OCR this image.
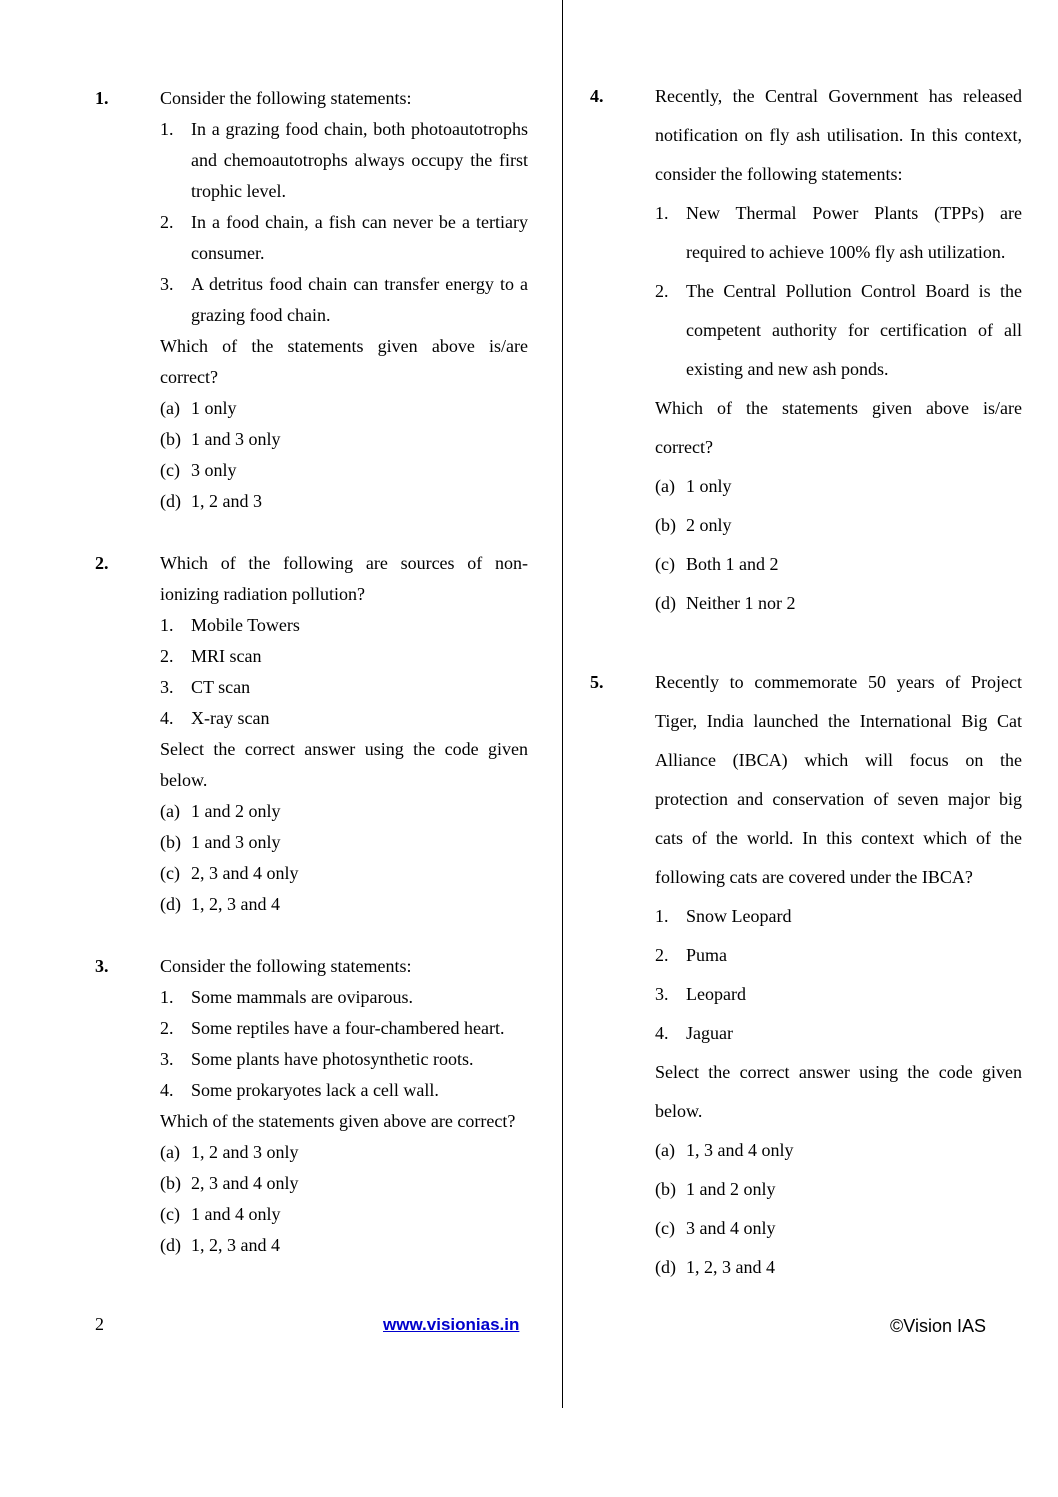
1.	Consider the following statements:
1. In a grazing food chain, both photoautotrophs and chemoautotrophs always occupy the first trophic level.
2. In a food chain, a fish can never be a tertiary consumer.
3. A detritus food chain can transfer energy to a grazing food chain.
Which of the statements given above is/are correct?
(a) 1 only
(b) 1 and 3 only
(c) 3 only
(d) 1, 2 and 3
2.	Which of the following are sources of non-ionizing radiation pollution?
1. Mobile Towers
2. MRI scan
3. CT scan
4. X-ray scan
Select the correct answer using the code given below.
(a) 1 and 2 only
(b) 1 and 3 only
(c) 2, 3 and 4 only
(d) 1, 2, 3 and 4
3.	Consider the following statements:
1. Some mammals are oviparous.
2. Some reptiles have a four-chambered heart.
3. Some plants have photosynthetic roots.
4. Some prokaryotes lack a cell wall.
Which of the statements given above are correct?
(a) 1, 2 and 3 only
(b) 2, 3 and 4 only
(c) 1 and 4 only
(d) 1, 2, 3 and 4
4.	Recently, the Central Government has released notification on fly ash utilisation. In this context, consider the following statements:
1. New Thermal Power Plants (TPPs) are required to achieve 100% fly ash utilization.
2. The Central Pollution Control Board is the competent authority for certification of all existing and new ash ponds.
Which of the statements given above is/are correct?
(a) 1 only
(b) 2 only
(c) Both 1 and 2
(d) Neither 1 nor 2
5.	Recently to commemorate 50 years of Project Tiger, India launched the International Big Cat Alliance (IBCA) which will focus on the protection and conservation of seven major big cats of the world. In this context which of the following cats are covered under the IBCA?
1. Snow Leopard
2. Puma
3. Leopard
4. Jaguar
Select the correct answer using the code given below.
(a) 1, 3 and 4 only
(b) 1 and 2 only
(c) 3 and 4 only
(d) 1, 2, 3 and 4
2	www.visionias.in	©Vision IAS
